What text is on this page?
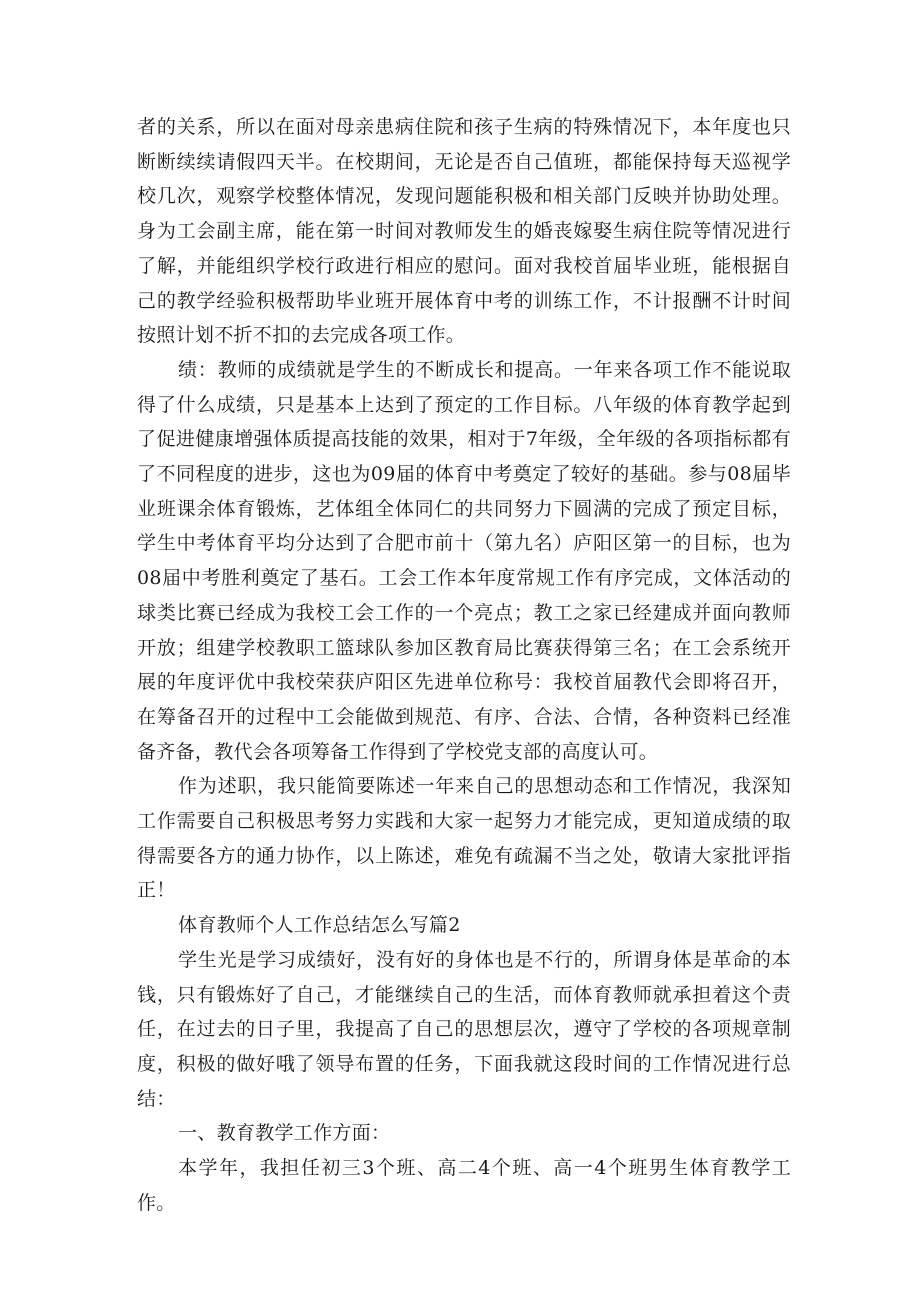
者的关系，所以在面对母亲患病住院和孩子生病的特殊情况下，本年度也只断断续续请假四天半。在校期间，无论是否自己值班，都能保持每天巡视学校几次，观察学校整体情况，发现问题能积极和相关部门反映并协助处理。身为工会副主席，能在第一时间对教师发生的婚丧嫁娶生病住院等情况进行了解，并能组织学校行政进行相应的慰问。面对我校首届毕业班，能根据自己的教学经验积极帮助毕业班开展体育中考的训练工作，不计报酬不计时间按照计划不折不扣的去完成各项工作。

绩：教师的成绩就是学生的不断成长和提高。一年来各项工作不能说取得了什么成绩，只是基本上达到了预定的工作目标。八年级的体育教学起到了促进健康增强体质提高技能的效果，相对于7年级，全年级的各项指标都有了不同程度的进步，这也为09届的体育中考奠定了较好的基础。参与08届毕业班课余体育锻炼，艺体组全体同仁的共同努力下圆满的完成了预定目标，学生中考体育平均分达到了合肥市前十（第九名）庐阳区第一的目标，也为08届中考胜利奠定了基石。工会工作本年度常规工作有序完成，文体活动的球类比赛已经成为我校工会工作的一个亮点；教工之家已经建成并面向教师开放；组建学校教职工篮球队参加区教育局比赛获得第三名；在工会系统开展的年度评优中我校荣获庐阳区先进单位称号：我校首届教代会即将召开，在筹备召开的过程中工会能做到规范、有序、合法、合情，各种资料已经准备齐备，教代会各项筹备工作得到了学校党支部的高度认可。

作为述职，我只能简要陈述一年来自己的思想动态和工作情况，我深知工作需要自己积极思考努力实践和大家一起努力才能完成，更知道成绩的取得需要各方的通力协作，以上陈述，难免有疏漏不当之处，敬请大家批评指正！

体育教师个人工作总结怎么写篇2

学生光是学习成绩好，没有好的身体也是不行的，所谓身体是革命的本钱，只有锻炼好了自己，才能继续自己的生活，而体育教师就承担着这个责任，在过去的日子里，我提高了自己的思想层次，遵守了学校的各项规章制度，积极的做好哦了领导布置的任务，下面我就这段时间的工作情况进行总结：

一、教育教学工作方面：

本学年，我担任初三3个班、高二4个班、高一4个班男生体育教学工作。
